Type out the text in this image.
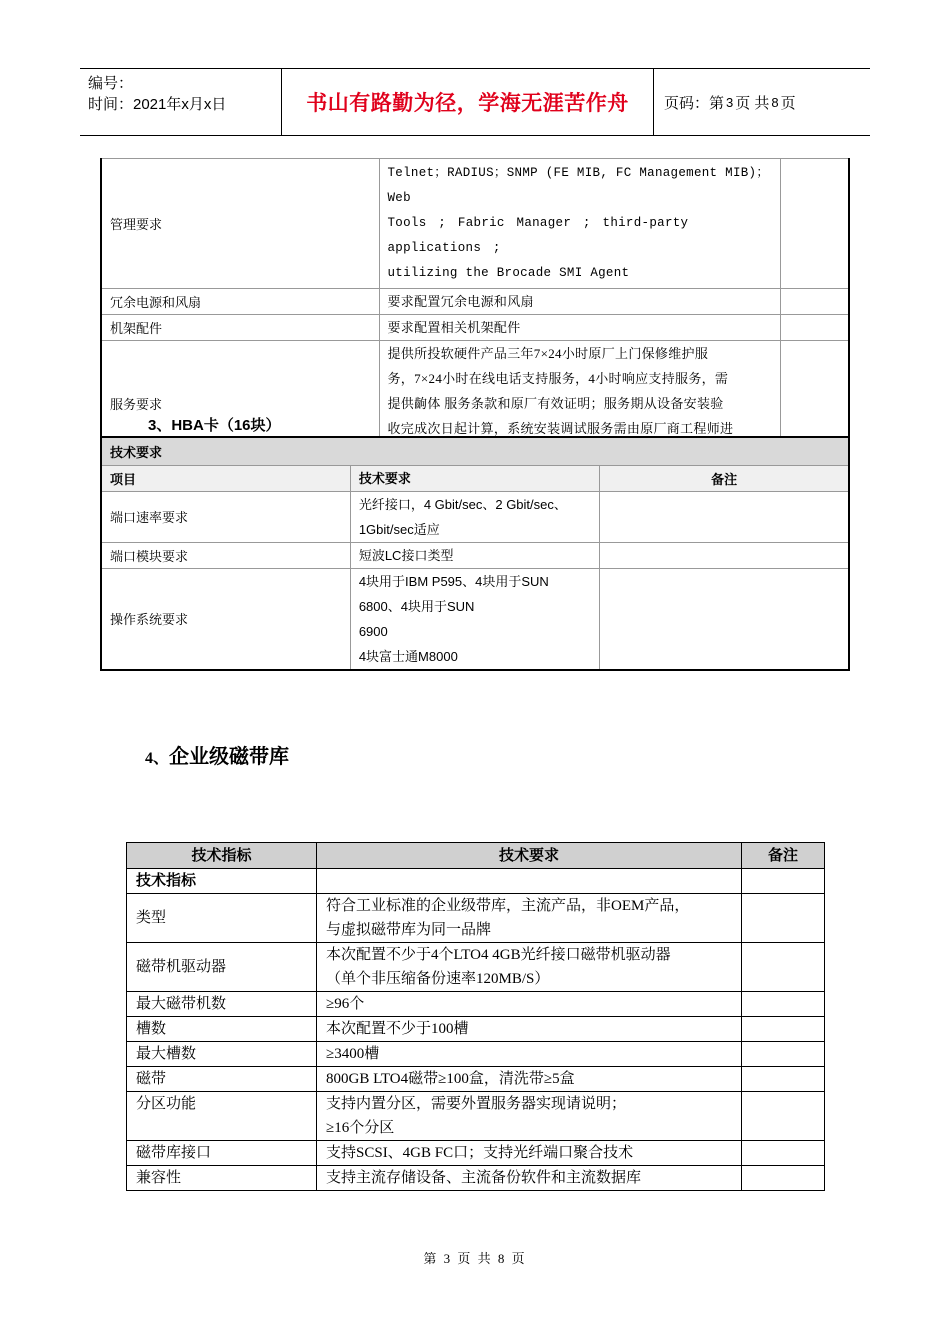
编号：
时间：2021年x月x日	书山有路勤为径，学海无涯苦作舟	页码：第 3 页 共 8 页
管理要求	Telnet；RADIUS；SNMP (FE MIB, FC Management MIB)；Web
Tools ; Fabric Manager ; third-party applications ;
utilizing the Brocade SMI Agent	

冗余电源和风扇	要求配置冗余电源和风扇	
机架配件	要求配置相关机架配件	
服务要求	提供所投软硬件产品三年7×24小时原厂上门保修维护服
务，7×24小时在线电话支持服务，4小时响应支持服务，需
提供齣体 服务条款和原厂有效证明；服务期从设备安装验
收完成次日起计算，系统安装调试服务需由原厂商工程师进	

3、HBA卡（16块）
技术要求		
项目	技术要求	备注
端口速率要求	光纤接口，4 Gbit/sec、2 Gbit/sec、1Gbit/sec适应	
端口模块要求	短波LC接口类型	
操作系统要求	4块用于IBM P595、4块用于SUN 6800、4块用于SUN
6900
4块富士通M8000	

4、企业级磁带库
技术指标	技术要求	备注
技术指标		
类型	符合工业标准的企业级带库，主流产品，非OEM产品，
与虚拟磁带库为同一品牌	

磁带机驱动器	本次配置不少于4个LTO4 4GB光纤接口磁带机驱动器
（单个非压缩备份速率120MB/S）	

最大磁带机数	≥96个	
槽数	本次配置不少于100槽	
最大槽数	≥3400槽	
磁带	800GB LTO4磁带≥100盒，清洗带≥5盒	
分区功能	支持内置分区，需要外置服务器实现请说明；
≥16个分区	

磁带库接口	支持SCSI、4GB FC口；支持光纤端口聚合技术	
兼容性	支持主流存储设备、主流备份软件和主流数据库	
第 3 页 共 8 页
